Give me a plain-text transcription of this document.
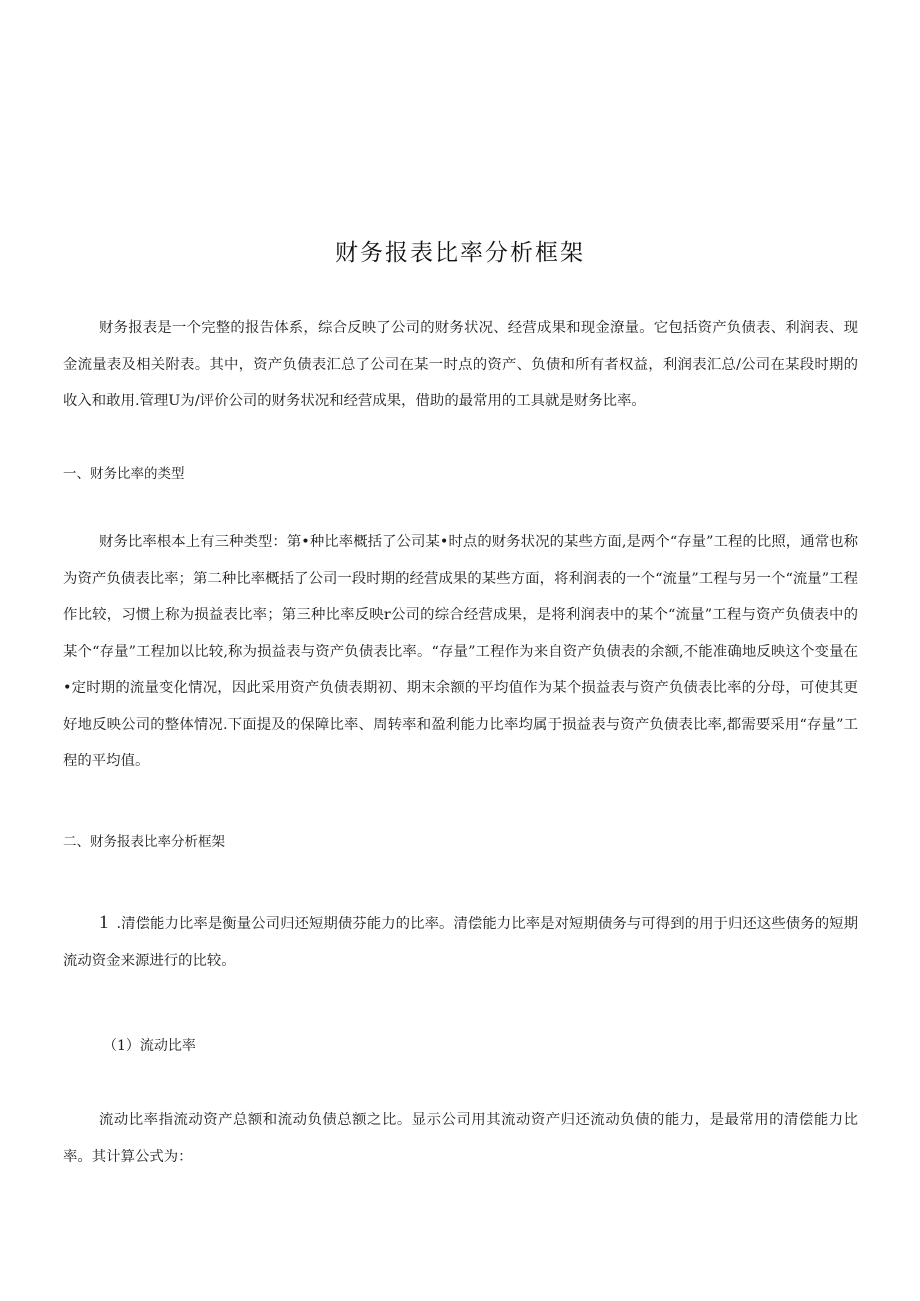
财务报表比率分析框架

财务报表是一个完整的报告体系，综合反映了公司的财务状况、经营成果和现金潦量。它包括资产负债表、利润表、现金流量表及相关附表。其中，资产负债表汇总了公司在某一时点的资产、负债和所有者权益，利润表汇总/公司在某段时期的收入和敢用.管理U为/评价公司的财务状况和经营成果，借助的最常用的工具就是财务比率。

一、财务比率的类型

财务比率根本上有三种类型：第•种比率概括了公司某•时点的财务状况的某些方面,是两个“存量”工程的比照，通常也称为资产负债表比率；第二种比率概括了公司一段时期的经营成果的某些方面，将利润表的一个“流量”工程与另一个“流量”工程作比较，习惯上称为损益表比率；第三种比率反映r公司的综合经营成果，是将利润表中的某个“流量”工程与资产负债表中的某个“存量”工程加以比较,称为损益表与资产负债表比率。“存量”工程作为来自资产负债表的余额,不能准确地反映这个变量在•定时期的流量变化情况，因此采用资产负债表期初、期末余额的平均值作为某个损益表与资产负债表比率的分母，可使其更好地反映公司的整体情况.下面提及的保障比率、周转率和盈利能力比率均属于损益表与资产负债表比率,都需要采用“存量”工程的平均值。

二、财务报表比率分析框架

1 .清偿能力比率是衡量公司归还短期债芬能力的比率。清偿能力比率是对短期债务与可得到的用于归还这些债务的短期流动资金来源进行的比较。

（1）流动比率

流动比率指流动资产总额和流动负债总额之比。显示公司用其流动资产归还流动负债的能力，是最常用的清偿能力比率。其计算公式为：
